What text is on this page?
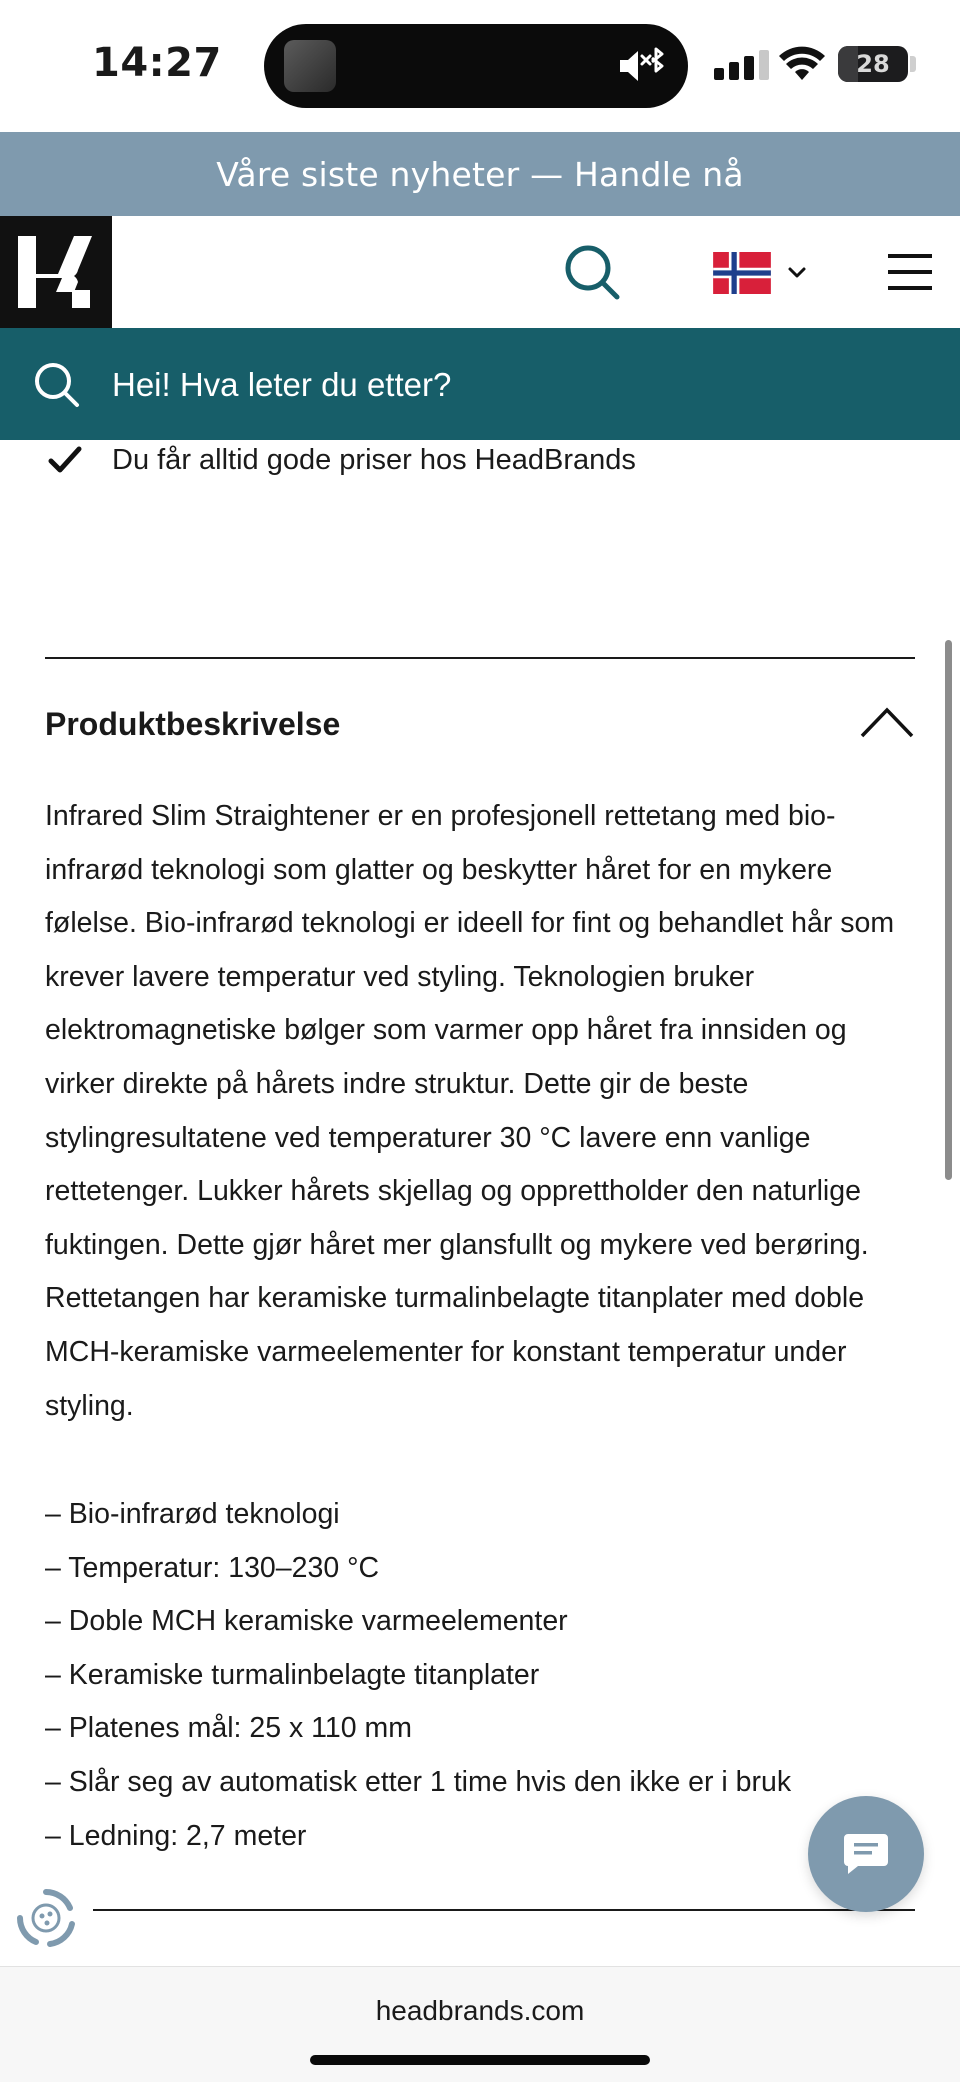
14:27	28
Våre siste nyheter — Handle nå
Hei! Hva leter du etter?
Du får alltid gode priser hos HeadBrands
Produktbeskrivelse

Infrared Slim Straightener er en profesjonell rettetang med bio-infrarød teknologi som glatter og beskytter håret for en mykere følelse. Bio-infrarød teknologi er ideell for fint og behandlet hår som krever lavere temperatur ved styling. Teknologien bruker elektromagnetiske bølger som varmer opp håret fra innsiden og virker direkte på hårets indre struktur. Dette gir de beste stylingresultatene ved temperaturer 30 °C lavere enn vanlige rettetenger. Lukker hårets skjellag og opprettholder den naturlige fuktingen. Dette gjør håret mer glansfullt og mykere ved berøring. Rettetangen har keramiske turmalinbelagte titanplater med doble MCH-keramiske varmeelementer for konstant temperatur under styling.

– Bio-infrarød teknologi
– Temperatur: 130–230 °C
– Doble MCH keramiske varmeelementer
– Keramiske turmalinbelagte titanplater
– Platenes mål: 25 x 110 mm
– Slår seg av automatisk etter 1 time hvis den ikke er i bruk
– Ledning: 2,7 meter
headbrands.com
